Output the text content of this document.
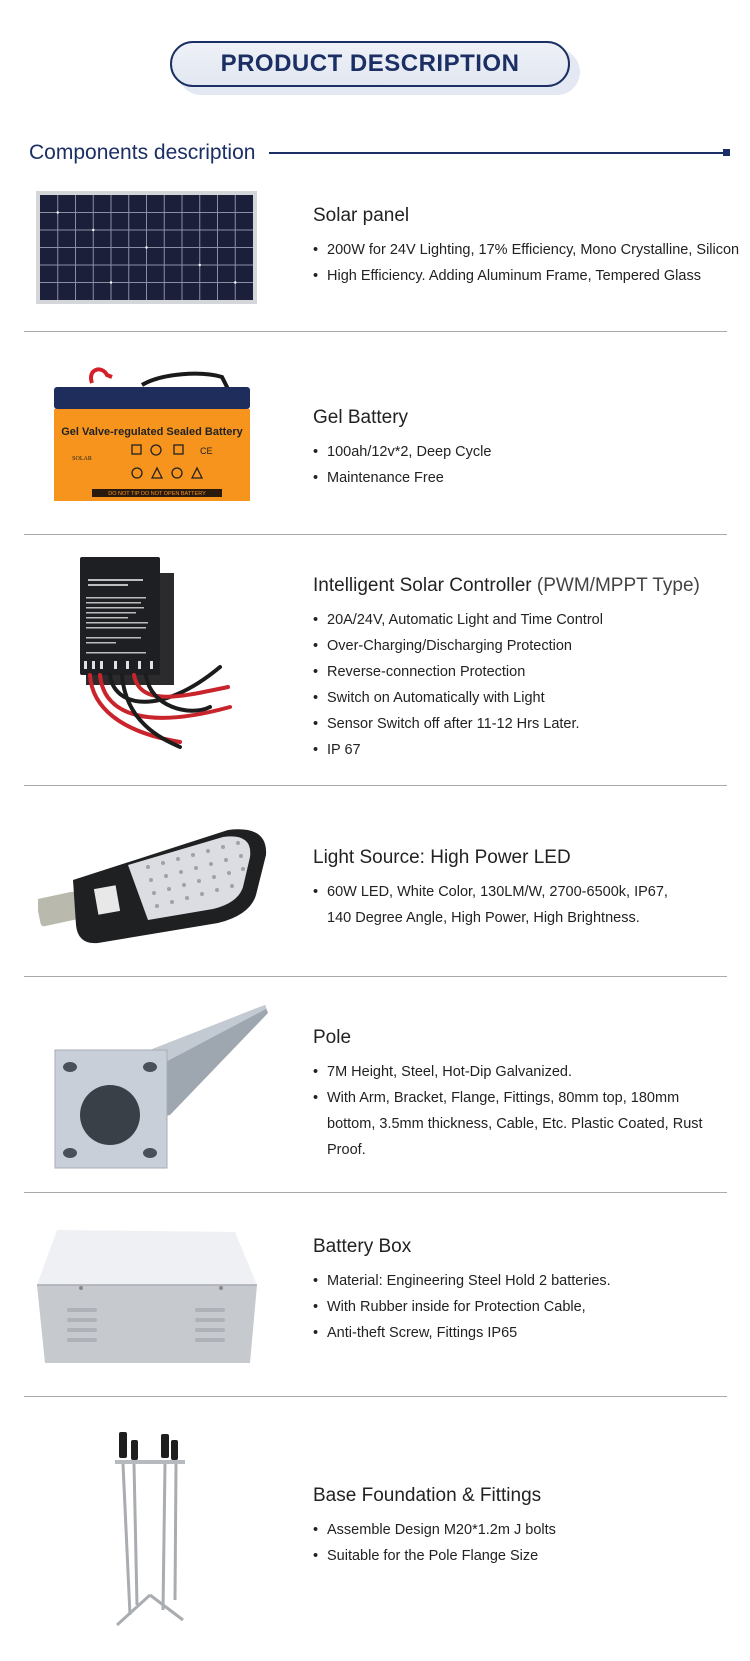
PRODUCT DESCRIPTION
Components description
Solar panel
• 200W for 24V Lighting, 17% Efficiency, Mono Crystalline, Silicon
• High Efficiency. Adding Aluminum Frame, Tempered Glass
Gel Valve-regulated Sealed Battery
CE
SOLAR
DO NOT TIP DO NOT OPEN BATTERY
Gel Battery
• 100ah/12v*2, Deep Cycle
• Maintenance Free
Intelligent Solar Controller (PWM/MPPT Type)
• 20A/24V, Automatic Light and Time Control
• Over-Charging/Discharging Protection
• Reverse-connection Protection
• Switch on Automatically with Light
• Sensor Switch off after 11-12 Hrs Later.
• IP 67
Light Source: High Power LED
• 60W LED, White Color, 130LM/W, 2700-6500k, IP67, 140 Degree Angle, High Power, High Brightness.
Pole
• 7M Height, Steel, Hot-Dip Galvanized.
• With Arm, Bracket, Flange, Fittings, 80mm top, 180mm bottom, 3.5mm thickness, Cable, Etc. Plastic Coated, Rust Proof.
Battery Box
• Material: Engineering Steel Hold 2 batteries.
• With Rubber inside for Protection Cable,
• Anti-theft Screw, Fittings IP65
Base Foundation & Fittings
• Assemble Design M20*1.2m J bolts
• Suitable for the Pole Flange Size
